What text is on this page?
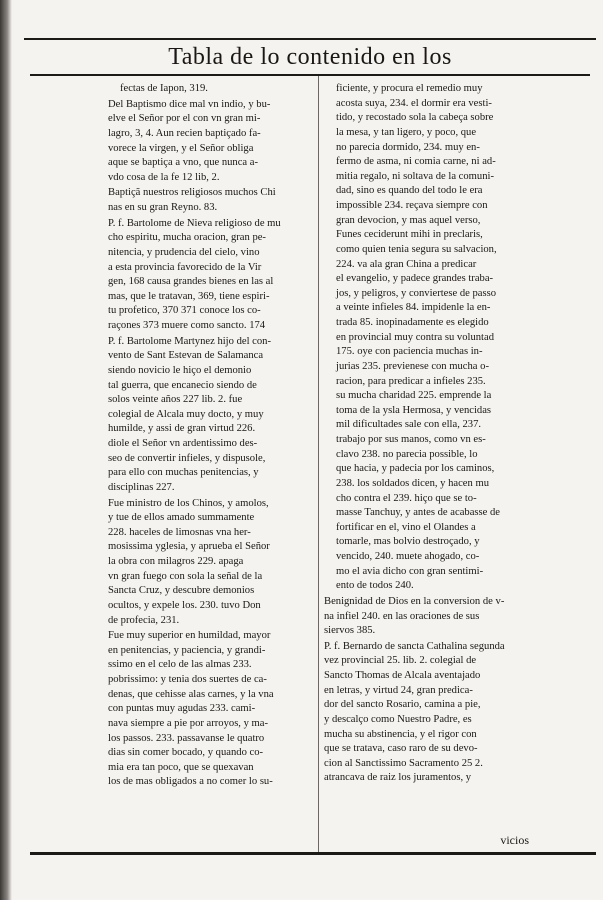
Tabla de lo contenido en los
fectas de Iapon, 319.
Del Baptismo dice mal vn indio, y bu-
elve el Señor por el con vn gran mi-
lagro, 3, 4. Aun recien baptiçado fa-
vorece la virgen, y el Señor obliga
aque se baptiça a vno, que nunca a-
vdo cosa de la fe 12 lib, 2.
Baptiçã nuestros religiosos muchos Chi
nas en su gran Reyno. 83.
P. f. Bartolome de Nieva religioso de mu
cho espiritu, mucha oracion, gran pe-
nitencia, y prudencia del cielo, vino
a esta provincia favorecido de la Vir
gen, 168 causa grandes bienes en las al
mas, que le tratavan, 369, tiene espiri-
tu profetico, 370 371 conoce los co-
raçones 373 muere como sancto. 174
P. f. Bartolome Martynez hijo del con-
vento de Sant Estevan de Salamanca
siendo novicio le hiço el demonio
tal guerra, que encanecio siendo de
solos veinte años 227 lib. 2. fue
colegial de Alcala muy docto, y muy
humilde, y assi de gran virtud 226.
diole el Señor vn ardentissimo des-
seo de convertir infieles, y dispusole,
para ello con muchas penitencias, y
disciplinas 227.
Fue ministro de los Chinos, y amolos,
y tue de ellos amado summamente
228. haceles de limosnas vna her-
mosissima yglesia, y aprueba el Señor
la obra con milagros 229. apaga
vn gran fuego con sola la señal de la
Sancta Cruz, y descubre demonios
ocultos, y expele los. 230. tuvo Don
de profecia, 231.
Fue muy superior en humildad, mayor
en penitencias, y paciencia, y grandi-
ssimo en el celo de las almas 233.
pobrissimo: y tenia dos suertes de ca-
denas, que cehisse alas carnes, y la vna
con puntas muy agudas 233. cami-
nava siempre a pie por arroyos, y ma-
los passos. 233. passavanse le quatro
dias sin comer bocado, y quando co-
mia era tan poco, que se quexavan
los de mas obligados a no comer lo su-
ficiente, y procura el remedio muy
acosta suya, 234. el dormir era vesti-
tido, y recostado sola la cabeça sobre
la mesa, y tan ligero, y poco, que
no parecia dormido, 234. muy en-
fermo de asma, ni comia carne, ni ad-
mitia regalo, ni soltava de la comuni-
dad, sino es quando del todo le era
impossible 234. reçava siempre con
gran devocion, y mas aquel verso,
Funes ceciderunt mihi in preclaris,
como quien tenia segura su salvacion,
224. va ala gran China a predicar
el evangelio, y padece grandes traba-
jos, y peligros, y conviertese de passo
a veinte infieles 84. impidenle la en-
trada 85. inopinadamente es elegido
en provincial muy contra su voluntad
175. oye con paciencia muchas in-
jurias 235. previenese con mucha o-
racion, para predicar a infieles 235.
su mucha charidad 225. emprende la
toma de la ysla Hermosa, y vencidas
mil dificultades sale con ella, 237.
trabajo por sus manos, como vn es-
clavo 238. no parecia possible, lo
que hacia, y padecia por los caminos,
238. los soldados dicen, y hacen mu
cho contra el 239. hiço que se to-
masse Tanchuy, y antes de acabasse de
fortificar en el, vino el Olandes a
tomarle, mas bolvio destroçado, y
vencido, 240. muete ahogado, co-
mo el avia dicho con gran sentimi-
ento de todos 240.
Benignidad de Dios en la conversion de v-
na infiel 240. en las oraciones de sus
siervos 385.
P. f. Bernardo de sancta Cathalina segunda
vez provincial 25. lib. 2. colegial de
Sancto Thomas de Alcala aventajado
en letras, y virtud 24, gran predica-
dor del sancto Rosario, camina a pie,
y descalço como Nuestro Padre, es
mucha su abstinencia, y el rigor con
que se tratava, caso raro de su devo-
cion al Sanctissimo Sacramento 25 2.
atrancava de raiz los juramentos, y
vicios
